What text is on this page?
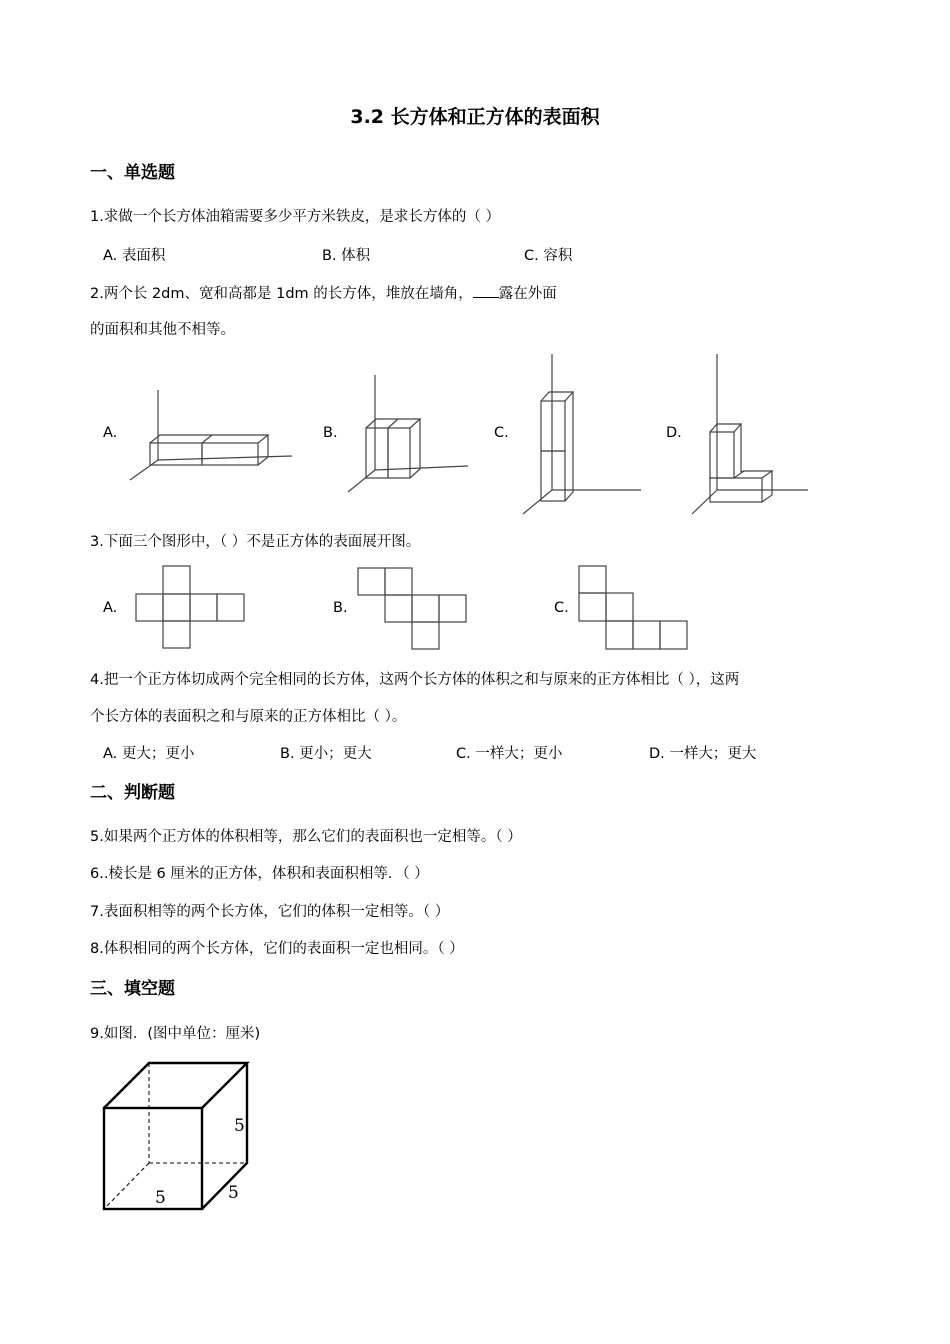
3.2 长方体和正方体的表面积
一、单选题
1.求做一个长方体油箱需要多少平方米铁皮，是求长方体的（ ）
A. 表面积	B. 体积	C. 容积
2.两个长 2dm、宽和高都是 1dm 的长方体，堆放在墙角， 露在外面
的面积和其他不相等。
A.	B.	C.	D.
3.下面三个图形中，（ ）不是正方体的表面展开图。
A.	B.	C.
4.把一个正方体切成两个完全相同的长方体，这两个长方体的体积之和与原来的正方体相比（ ），这两
个长方体的表面积之和与原来的正方体相比（ ）。
A. 更大；更小	B. 更小；更大	C. 一样大；更小	D. 一样大；更大
二、判断题
5.如果两个正方体的体积相等，那么它们的表面积也一定相等。（ ）
6..棱长是 6 厘米的正方体，体积和表面积相等．（ ）
7.表面积相等的两个长方体，它们的体积一定相等。（ ）
8.体积相同的两个长方体，它们的表面积一定也相同。（ ）
三、填空题
9.如图．(图中单位：厘米)
5
5	5
